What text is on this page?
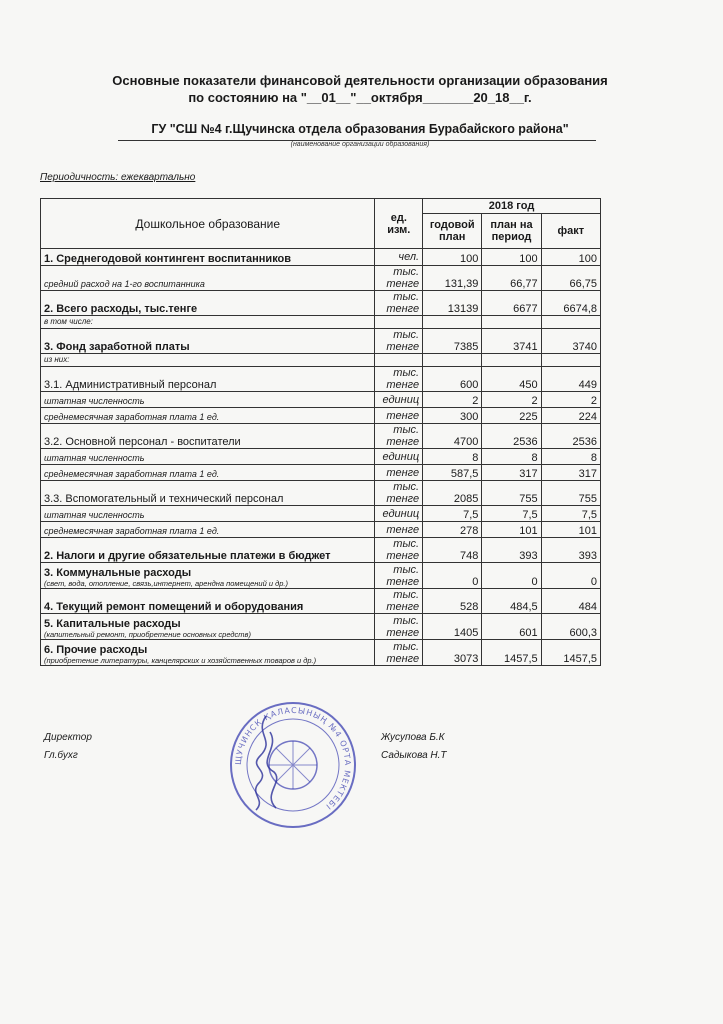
Основные показатели финансовой деятельности организации образования
по состоянию на "__01__"__октября_______20_18__г.
ГУ "СШ №4 г.Щучинска отдела образования Бурабайского района"
(наименование организации образования)
Периодичность: ежеквартально
Дошкольное образование	ед. изм.	2018 год		
		годовой план	план на период	факт
1. Среднегодовой контингент воспитанников	чел.	100	100	100
средний расход на 1-го воспитанника	тыс. тенге	131,39	66,77	66,75
2. Всего расходы, тыс.тенге	тыс. тенге	13139	6677	6674,8
в том числе:				
3. Фонд заработной платы	тыс. тенге	7385	3741	3740
из них:				
3.1. Административный персонал	тыс. тенге	600	450	449
штатная численность	единиц	2	2	2
среднемесячная заработная плата 1 ед.	тенге	300	225	224
3.2. Основной персонал - воспитатели	тыс. тенге	4700	2536	2536
штатная численность	единиц	8	8	8
среднемесячная заработная плата 1 ед.	тенге	587,5	317	317
3.3. Вспомогательный и технический персонал	тыс. тенге	2085	755	755
штатная численность	единиц	7,5	7,5	7,5
среднемесячная заработная плата 1 ед.	тенге	278	101	101
2. Налоги и другие обязательные платежи в бюджет	тыс. тенге	748	393	393
3. Коммунальные расходы
(свет, вода, отопление, связь,интернет, арендна помещений и др.)	тыс. тенге	0	0	0
4. Текущий ремонт помещений и оборудования	тыс. тенге	528	484,5	484
5. Капитальные расходы
(капительный ремонт, приобретение основных средств)	тыс. тенге	1405	601	600,3
6. Прочие расходы
(приобретение литературы, канцелярских и хозяйственных товаров и др.)	тыс. тенге	3073	1457,5	1457,5
Директор
Гл.бухг
Жусупова Б.К
Садыкова Н.Т
ЩУЧИНСК ҚАЛАСЫНЫҢ №4 ОРТА МЕКТЕБІ
